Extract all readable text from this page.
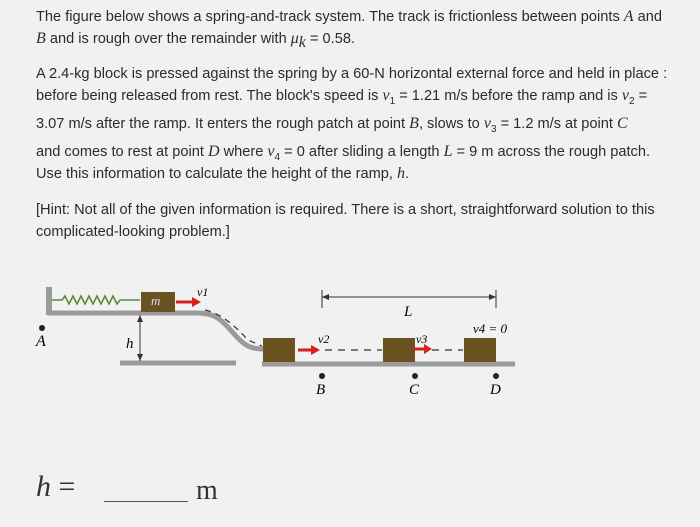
The figure below shows a spring-and-track system. The track is frictionless between points A and
B and is rough over the remainder with $\mu_k = 0.58$.

A 2.4-kg block is pressed against the spring by a 60-N horizontal external force and held in place :
before being released from rest. The block's speed is $v_1 = 1.21$ m/s before the ramp and is $v_2$ =
3.07 m/s after the ramp. It enters the rough patch at point B, slows to $v_3 = 1.2$ m/s at point C
and comes to rest at point D where $v_4 = 0$ after sliding a length L = 9 m across the rough patch.

Use this information to calculate the height of the ramp, h.

[Hint: Not all of the given information is required. There is a short, straightforward solution to this
complicated-looking problem.]

A	h
m
v1
v2	v3
v4 = 0
L
B	C	D
h =	m
